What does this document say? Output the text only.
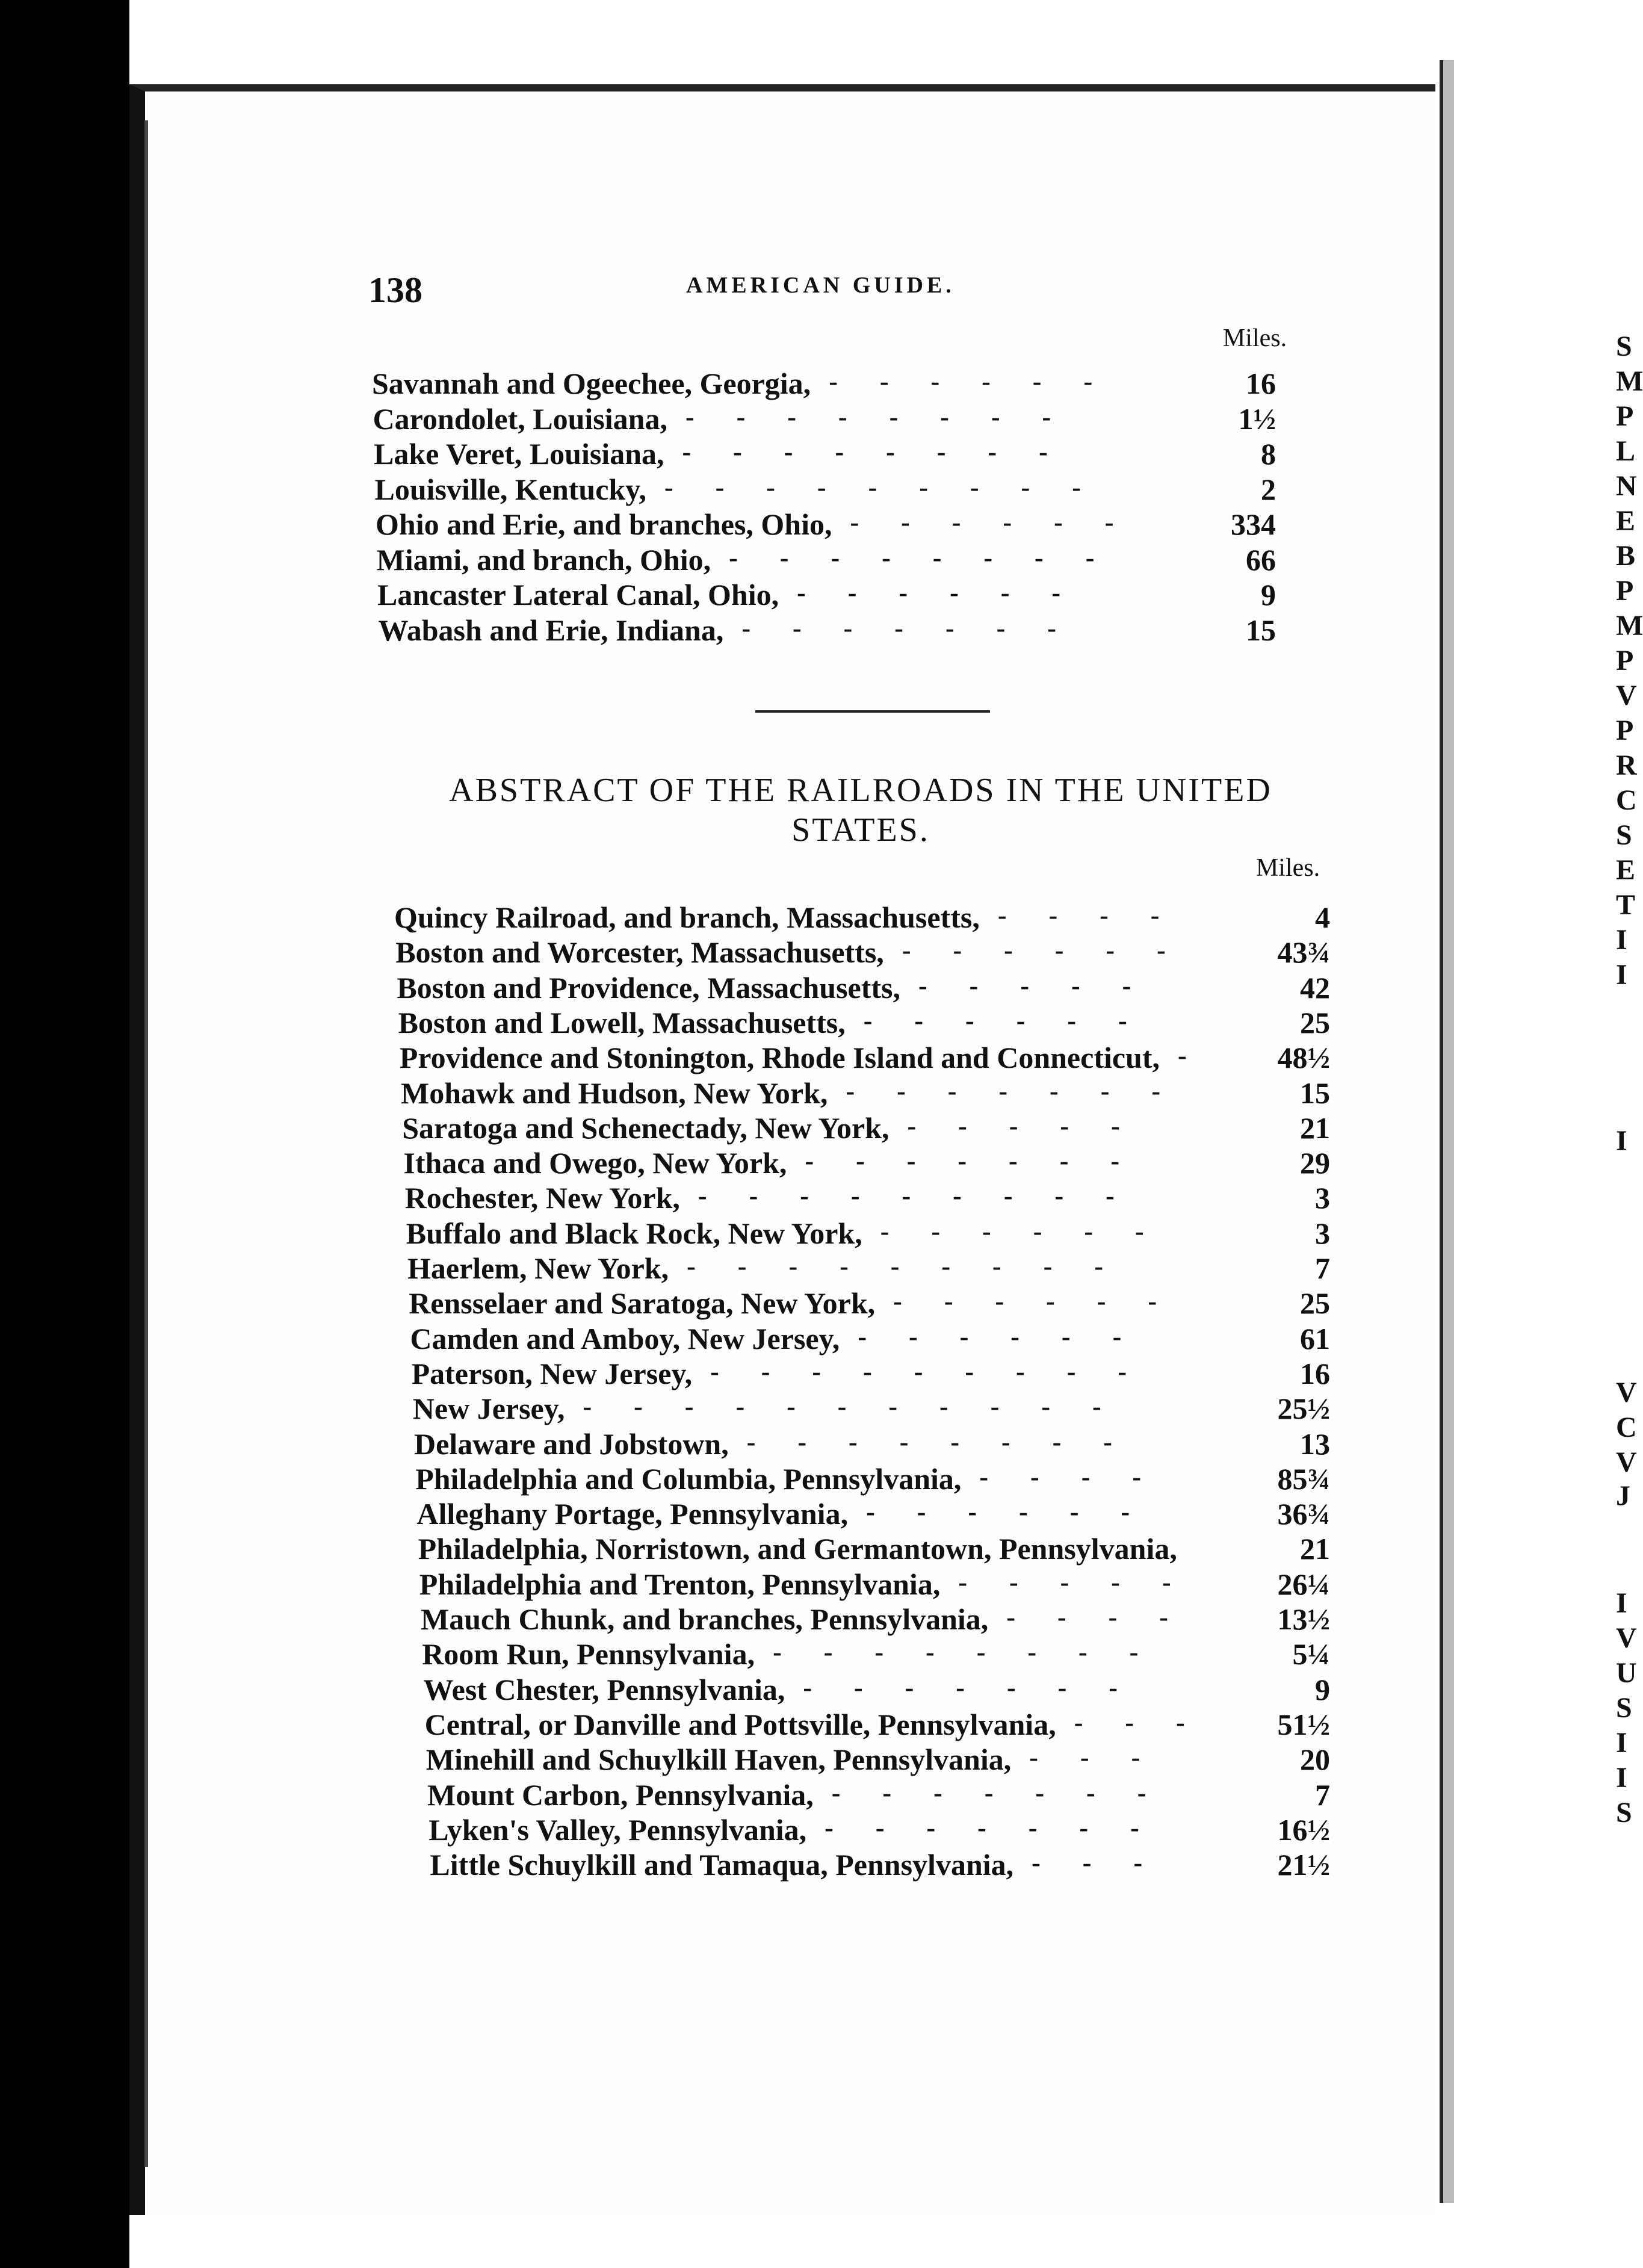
138	AMERICAN GUIDE.
Miles.
Savannah and Ogeechee, Georgia,	16
------
Carondolet, Louisiana,	1½
--------
Lake Veret, Louisiana,	8
--------
Louisville, Kentucky,	2
---------
Ohio and Erie, and branches, Ohio,	334
------
Miami, and branch, Ohio,	66
--------
Lancaster Lateral Canal, Ohio,	9
------
Wabash and Erie, Indiana,	15
-------
ABSTRACT OF THE RAILROADS IN THE UNITED STATES.
Miles.
Quincy Railroad, and branch, Massachusetts,	4
----
Boston and Worcester, Massachusetts,	43¾
------
Boston and Providence, Massachusetts,	42
-----
Boston and Lowell, Massachusetts,	25
------
Providence and Stonington, Rhode Island and Connecticut,	48½
-
Mohawk and Hudson, New York,	15
-------
Saratoga and Schenectady, New York,	21
-----
Ithaca and Owego, New York,	29
-------
Rochester, New York,	3
---------
Buffalo and Black Rock, New York,	3
------
Haerlem, New York,	7
---------
Rensselaer and Saratoga, New York,	25
------
Camden and Amboy, New Jersey,	61
------
Paterson, New Jersey,	16
---------
New Jersey,	25½
-----------
Delaware and Jobstown,	13
--------
Philadelphia and Columbia, Pennsylvania,	85¾
----
Alleghany Portage, Pennsylvania,	36¾
------
Philadelphia, Norristown, and Germantown, Pennsylvania,	21
Philadelphia and Trenton, Pennsylvania,	26¼
-----
Mauch Chunk, and branches, Pennsylvania,	13½
----
Room Run, Pennsylvania,	5¼
--------
West Chester, Pennsylvania,	9
-------
Central, or Danville and Pottsville, Pennsylvania,	51½
---
Minehill and Schuylkill Haven, Pennsylvania,	20
---
Mount Carbon, Pennsylvania,	7
-------
Lyken's Valley, Pennsylvania,	16½
-------
Little Schuylkill and Tamaqua, Pennsylvania,	21½
---
S
M
P
L
N
E
B
P
M
P
V
P
R
C
S
E
T
I
I
I
V
C
V
J
I
V
U
S
I
I
S
